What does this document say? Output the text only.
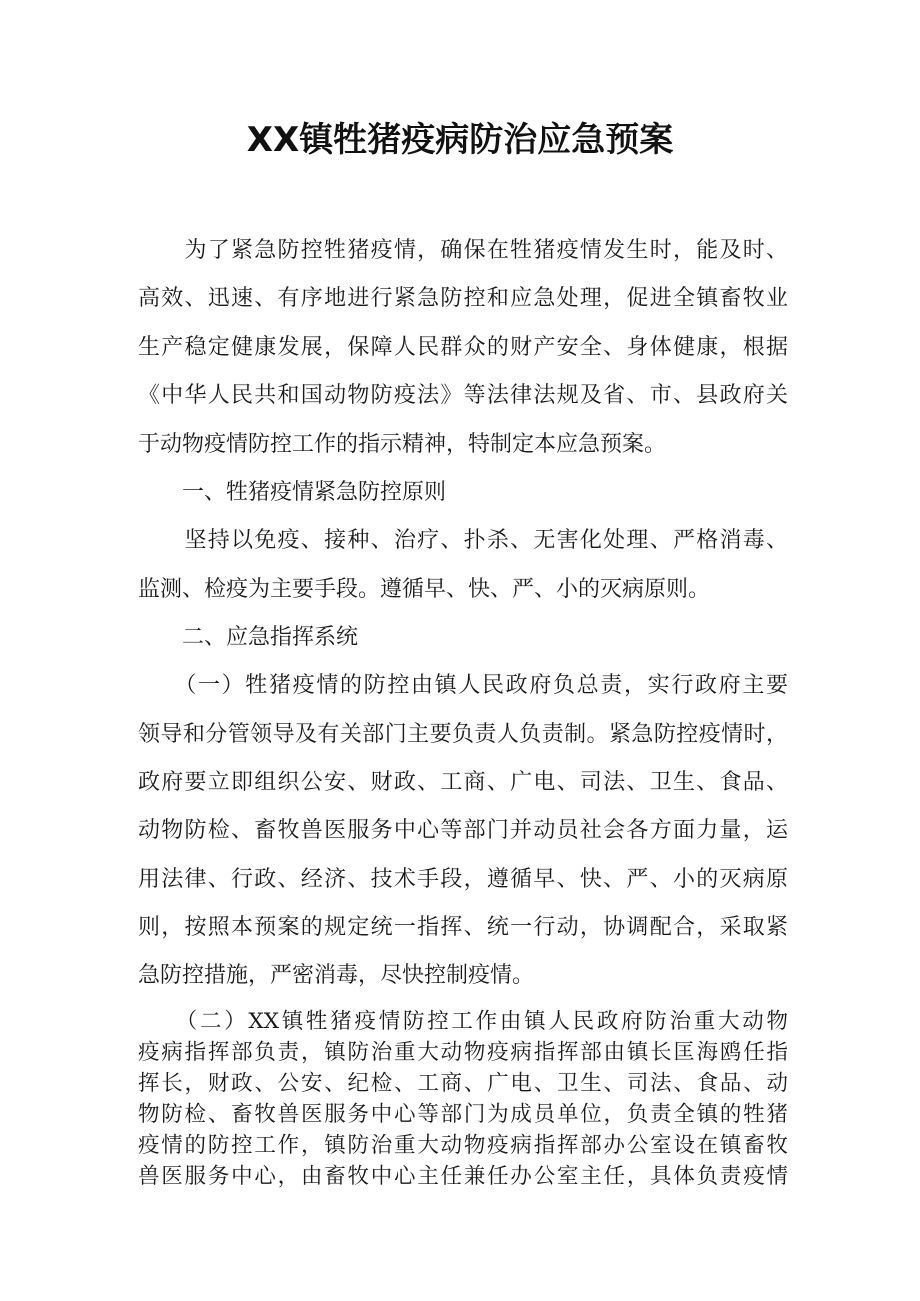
XX镇牲猪疫病防治应急预案
　　为了紧急防控牲猪疫情，确保在牲猪疫情发生时，能及时、
高效、迅速、有序地进行紧急防控和应急处理，促进全镇畜牧业
生产稳定健康发展，保障人民群众的财产安全、身体健康，根据
《中华人民共和国动物防疫法》等法律法规及省、市、县政府关
于动物疫情防控工作的指示精神，特制定本应急预案。
　　一、牲猪疫情紧急防控原则
　　坚持以免疫、接种、治疗、扑杀、无害化处理、严格消毒、
监测、检疫为主要手段。遵循早、快、严、小的灭病原则。
　　二、应急指挥系统
　　（一）牲猪疫情的防控由镇人民政府负总责，实行政府主要
领导和分管领导及有关部门主要负责人负责制。紧急防控疫情时，
政府要立即组织公安、财政、工商、广电、司法、卫生、食品、
动物防检、畜牧兽医服务中心等部门并动员社会各方面力量，运
用法律、行政、经济、技术手段，遵循早、快、严、小的灭病原
则，按照本预案的规定统一指挥、统一行动，协调配合，采取紧
急防控措施，严密消毒，尽快控制疫情。
　　（二）XX镇牲猪疫情防控工作由镇人民政府防治重大动物
疫病指挥部负责，镇防治重大动物疫病指挥部由镇长匡海鸥任指
挥长，财政、公安、纪检、工商、广电、卫生、司法、食品、动
物防检、畜牧兽医服务中心等部门为成员单位，负责全镇的牲猪
疫情的防控工作，镇防治重大动物疫病指挥部办公室设在镇畜牧
兽医服务中心，由畜牧中心主任兼任办公室主任，具体负责疫情
